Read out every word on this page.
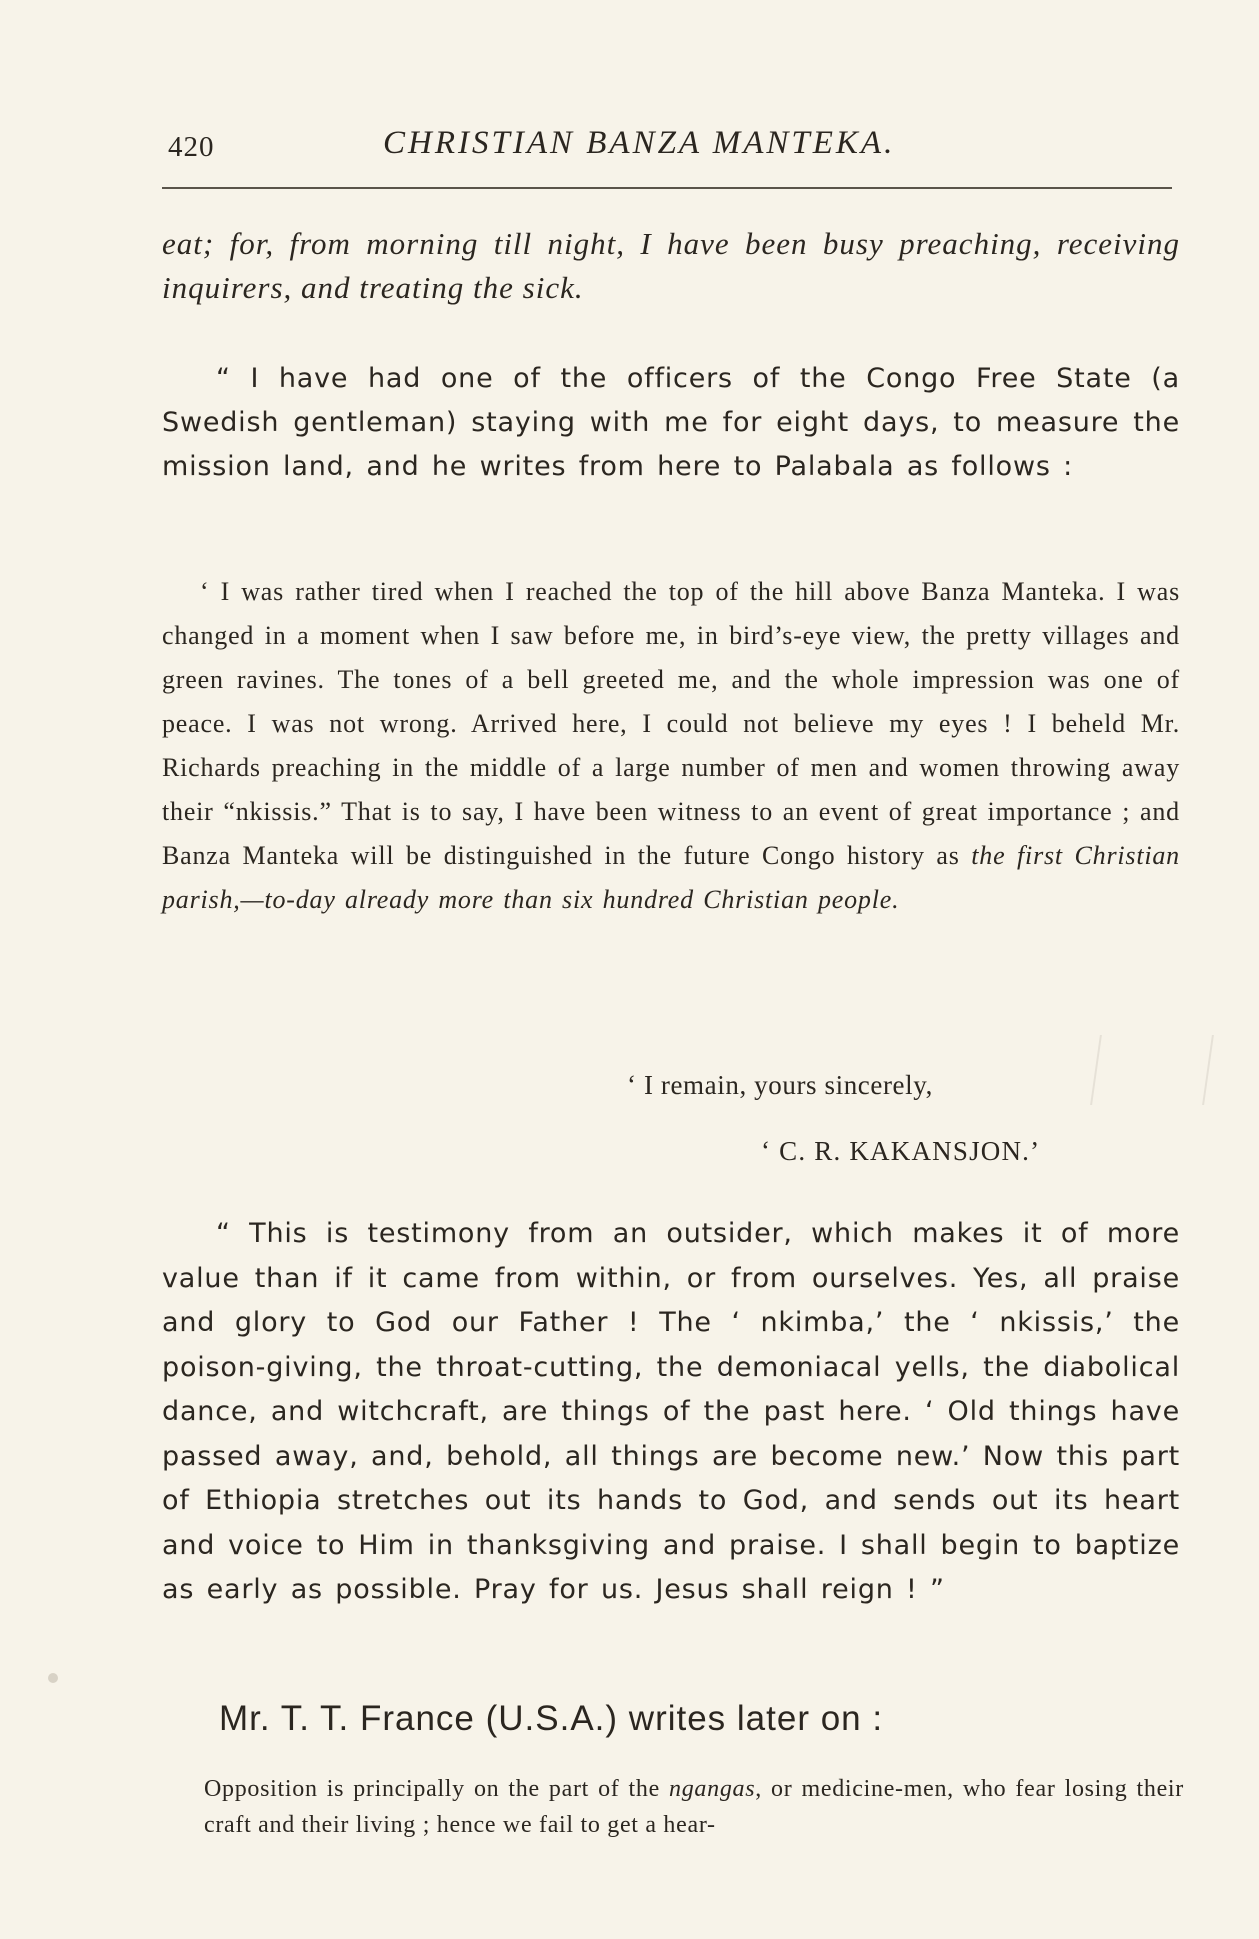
420	CHRISTIAN BANZA MANTEKA.
eat; for, from morning till night, I have been busy preaching, receiving inquirers, and treating the sick.
“ I have had one of the officers of the Congo Free State (a Swedish gentleman) staying with me for eight days, to measure the mission land, and he writes from here to Palabala as follows :
‘ I was rather tired when I reached the top of the hill above Banza Manteka. I was changed in a moment when I saw before me, in bird’s-eye view, the pretty villages and green ravines. The tones of a bell greeted me, and the whole impression was one of peace. I was not wrong. Arrived here, I could not believe my eyes ! I beheld Mr. Richards preaching in the middle of a large number of men and women throwing away their “nkissis.” That is to say, I have been witness to an event of great importance ; and Banza Manteka will be distinguished in the future Congo history as the first Christian parish,—to-day already more than six hundred Christian people.
‘ I remain, yours sincerely,
‘ C. R. KAKANSJON.’
“ This is testimony from an outsider, which makes it of more value than if it came from within, or from ourselves. Yes, all praise and glory to God our Father ! The ‘ nkimba,’ the ‘ nkissis,’ the poison-giving, the throat-cutting, the demoniacal yells, the diabolical dance, and witchcraft, are things of the past here. ‘ Old things have passed away, and, behold, all things are become new.’ Now this part of Ethiopia stretches out its hands to God, and sends out its heart and voice to Him in thanksgiving and praise. I shall begin to baptize as early as possible. Pray for us. Jesus shall reign ! ”
Mr. T. T. France (U.S.A.) writes later on :
Opposition is principally on the part of the ngangas, or medicine-men, who fear losing their craft and their living ; hence we fail to get a hear-
